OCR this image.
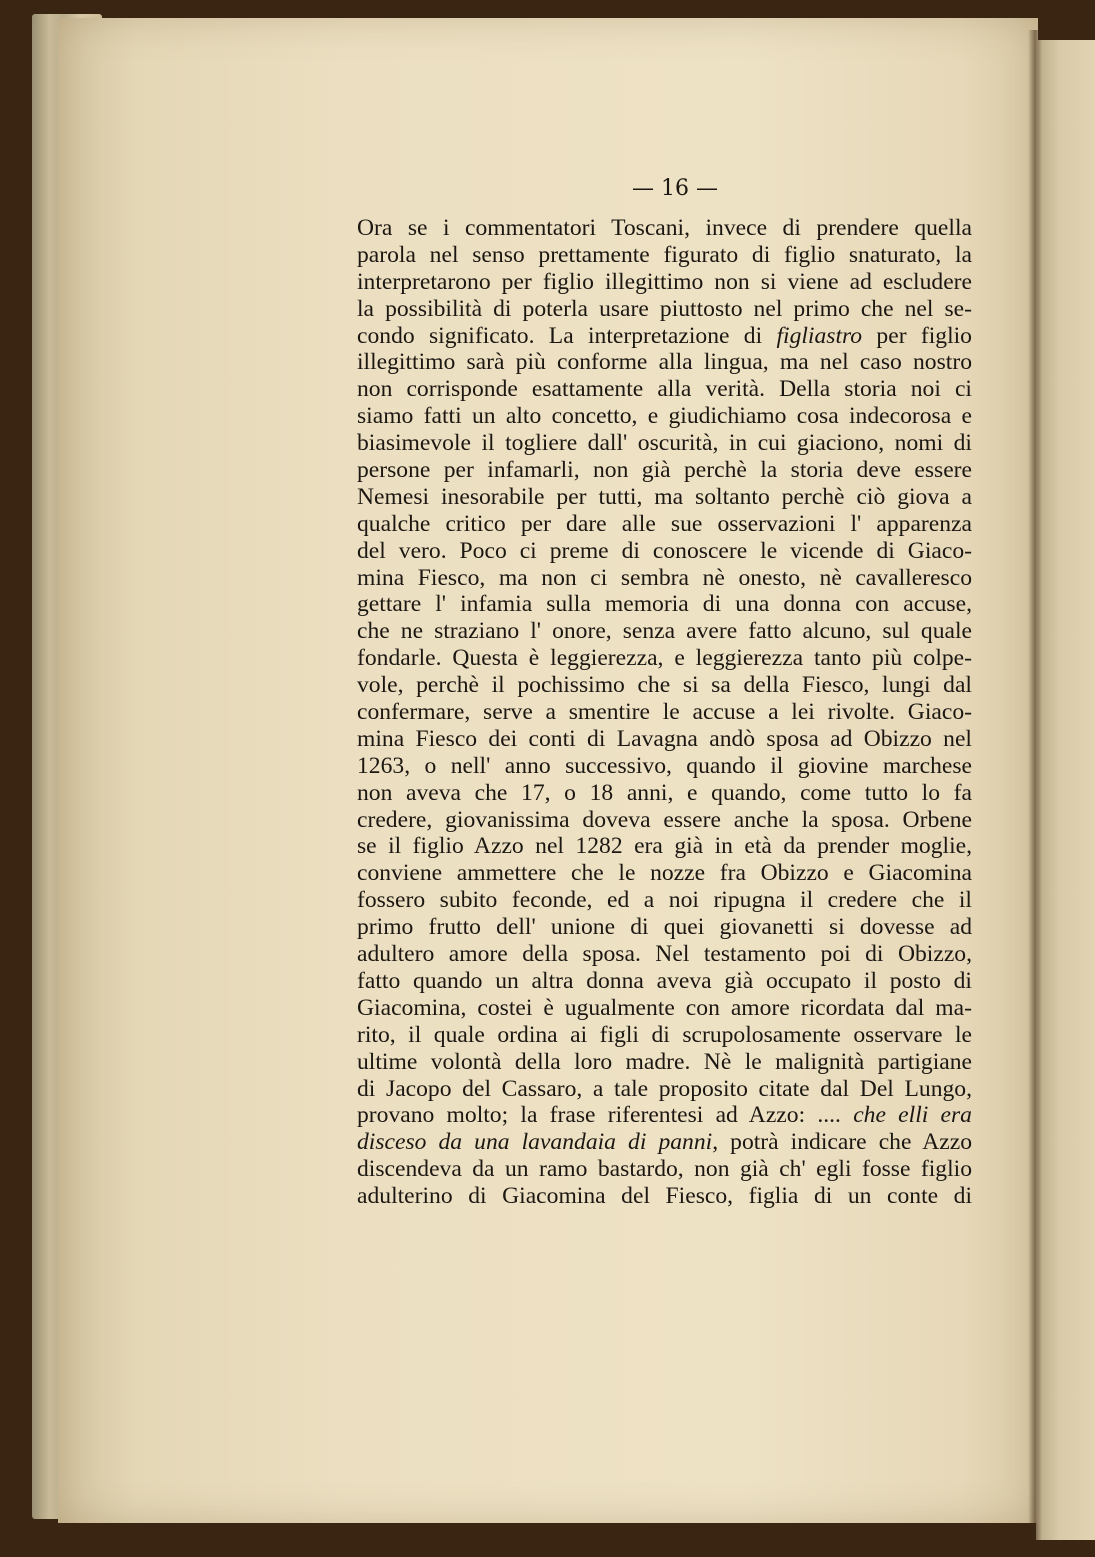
— 16 —

Ora se i commentatori Toscani, invece di prendere quella
parola nel senso prettamente figurato di figlio snaturato, la
interpretarono per figlio illegittimo non si viene ad escludere
la possibilità di poterla usare piuttosto nel primo che nel se-
condo significato. La interpretazione di figliastro per figlio
illegittimo sarà più conforme alla lingua, ma nel caso nostro
non corrisponde esattamente alla verità. Della storia noi ci
siamo fatti un alto concetto, e giudichiamo cosa indecorosa e
biasimevole il togliere dall' oscurità, in cui giaciono, nomi di
persone per infamarli, non già perchè la storia deve essere
Nemesi inesorabile per tutti, ma soltanto perchè ciò giova a
qualche critico per dare alle sue osservazioni l' apparenza
del vero. Poco ci preme di conoscere le vicende di Giaco-
mina Fiesco, ma non ci sembra nè onesto, nè cavalleresco
gettare l' infamia sulla memoria di una donna con accuse,
che ne straziano l' onore, senza avere fatto alcuno, sul quale
fondarle. Questa è leggierezza, e leggierezza tanto più colpe-
vole, perchè il pochissimo che si sa della Fiesco, lungi dal
confermare, serve a smentire le accuse a lei rivolte. Giaco-
mina Fiesco dei conti di Lavagna andò sposa ad Obizzo nel
1263, o nell' anno successivo, quando il giovine marchese
non aveva che 17, o 18 anni, e quando, come tutto lo fa
credere, giovanissima doveva essere anche la sposa. Orbene
se il figlio Azzo nel 1282 era già in età da prender moglie,
conviene ammettere che le nozze fra Obizzo e Giacomina
fossero subito feconde, ed a noi ripugna il credere che il
primo frutto dell' unione di quei giovanetti si dovesse ad
adultero amore della sposa. Nel testamento poi di Obizzo,
fatto quando un altra donna aveva già occupato il posto di
Giacomina, costei è ugualmente con amore ricordata dal ma-
rito, il quale ordina ai figli di scrupolosamente osservare le
ultime volontà della loro madre. Nè le malignità partigiane
di Jacopo del Cassaro, a tale proposito citate dal Del Lungo,
provano molto; la frase riferentesi ad Azzo: .... che elli era
disceso da una lavandaia di panni, potrà indicare che Azzo
discendeva da un ramo bastardo, non già ch' egli fosse figlio
adulterino di Giacomina del Fiesco, figlia di un conte di
